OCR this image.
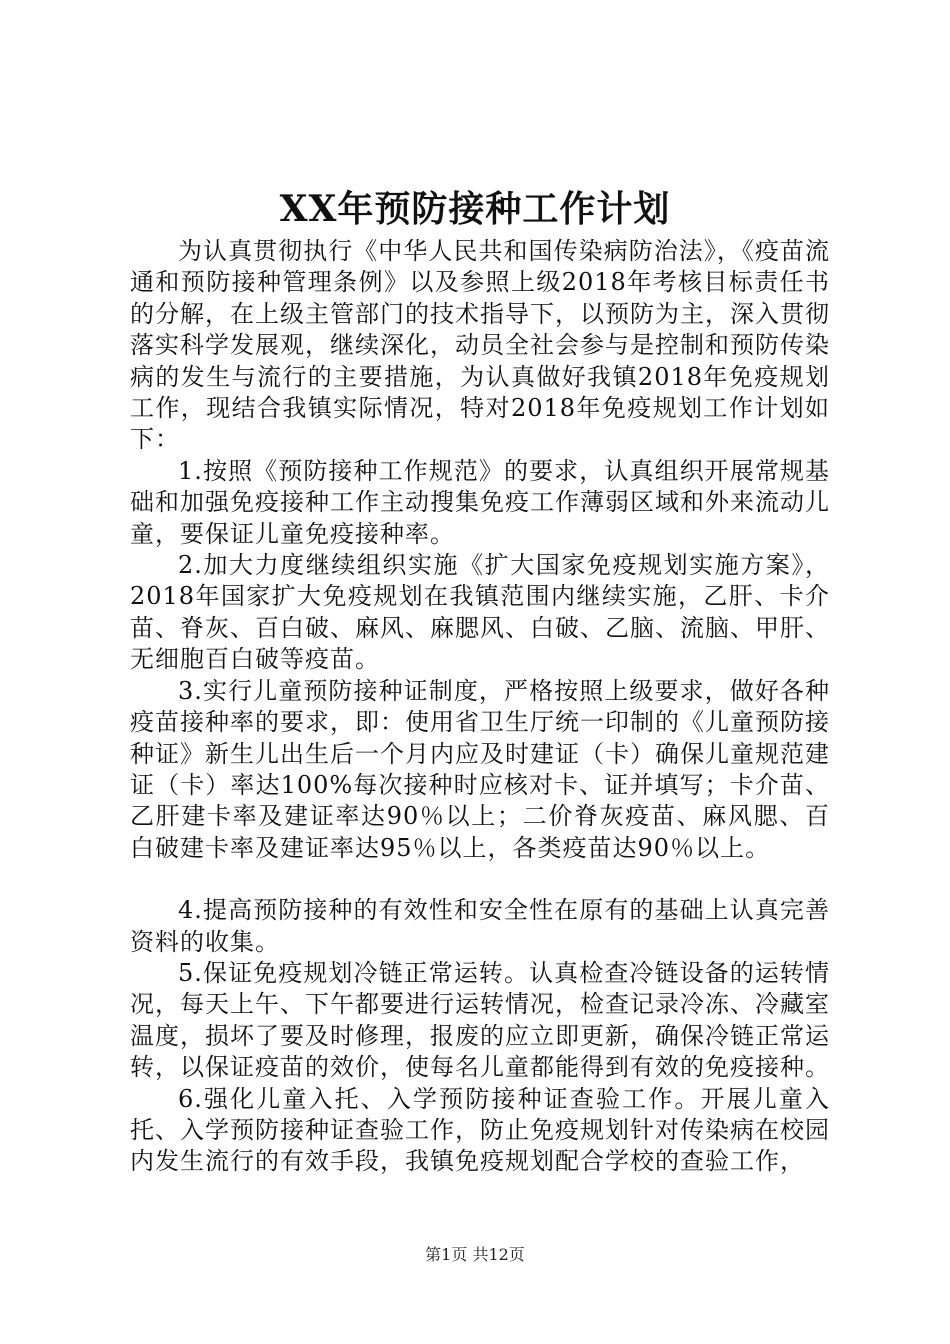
XX年预防接种工作计划

为认真贯彻执行《中华人民共和国传染病防治法》，《疫苗流通和预防接种管理条例》以及参照上级2018年考核目标责任书的分解，在上级主管部门的技术指导下，以预防为主，深入贯彻落实科学发展观，继续深化，动员全社会参与是控制和预防传染病的发生与流行的主要措施，为认真做好我镇2018年免疫规划工作，现结合我镇实际情况，特对2018年免疫规划工作计划如下：

1.按照《预防接种工作规范》的要求，认真组织开展常规基础和加强免疫接种工作主动搜集免疫工作薄弱区域和外来流动儿童，要保证儿童免疫接种率。

2.加大力度继续组织实施《扩大国家免疫规划实施方案》，2018年国家扩大免疫规划在我镇范围内继续实施，乙肝、卡介苗、脊灰、百白破、麻风、麻腮风、白破、乙脑、流脑、甲肝、无细胞百白破等疫苗。

3.实行儿童预防接种证制度，严格按照上级要求，做好各种疫苗接种率的要求，即：使用省卫生厅统一印制的《儿童预防接种证》新生儿出生后一个月内应及时建证（卡）确保儿童规范建证（卡）率达100%每次接种时应核对卡、证并填写；卡介苗、乙肝建卡率及建证率达90％以上；二价脊灰疫苗、麻风腮、百白破建卡率及建证率达95％以上，各类疫苗达90％以上。

4.提高预防接种的有效性和安全性在原有的基础上认真完善资料的收集。

5.保证免疫规划冷链正常运转。认真检查冷链设备的运转情况，每天上午、下午都要进行运转情况，检查记录冷冻、冷藏室温度，损坏了要及时修理，报废的应立即更新，确保冷链正常运转，以保证疫苗的效价，使每名儿童都能得到有效的免疫接种。

6.强化儿童入托、入学预防接种证查验工作。开展儿童入托、入学预防接种证查验工作，防止免疫规划针对传染病在校园内发生流行的有效手段，我镇免疫规划配合学校的查验工作，

第1页 共12页
